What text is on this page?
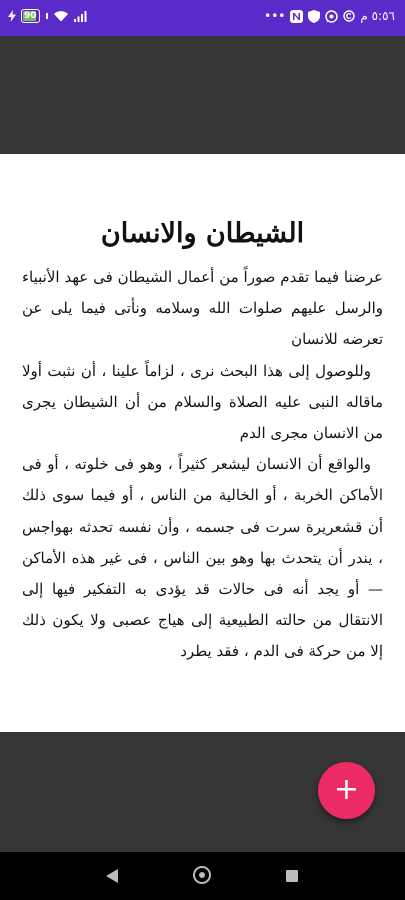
90	•••	٥:٥٦ م
الشيطان والانسان

عرضنا فيما تقدم صوراً من أعمال الشيطان فى عهد الأنبياء والرسل عليهم صلوات الله وسلامه ونأتى فيما يلى عن تعرضه للانسان

وللوصول إلى هذا البحث نرى ، لزاماً علينا ، أن نثبت أولا ماقاله النبى عليه الصلاة والسلام من أن الشيطان يجرى من الانسان مجرى الدم

والواقع أن الانسان ليشعر كثيراً ، وهو فى خلوته ، أو فى الأماكن الخربة ، أو الخالية من الناس ، أو فيما سوى ذلك أن قشعريرة سرت فى جسمه ، وأن نفسه تحدثه بهواجس ، يندر أن يتحدث بها وهو بين الناس ، فى غير هذه الأماكن — أو يجد أنه فى حالات قد يؤدى به التفكير فيها إلى الانتقال من حالته الطبيعية إلى هياج عصبى ولا يكون ذلك إلا من حركة فى الدم ، فقد يطرد

+
